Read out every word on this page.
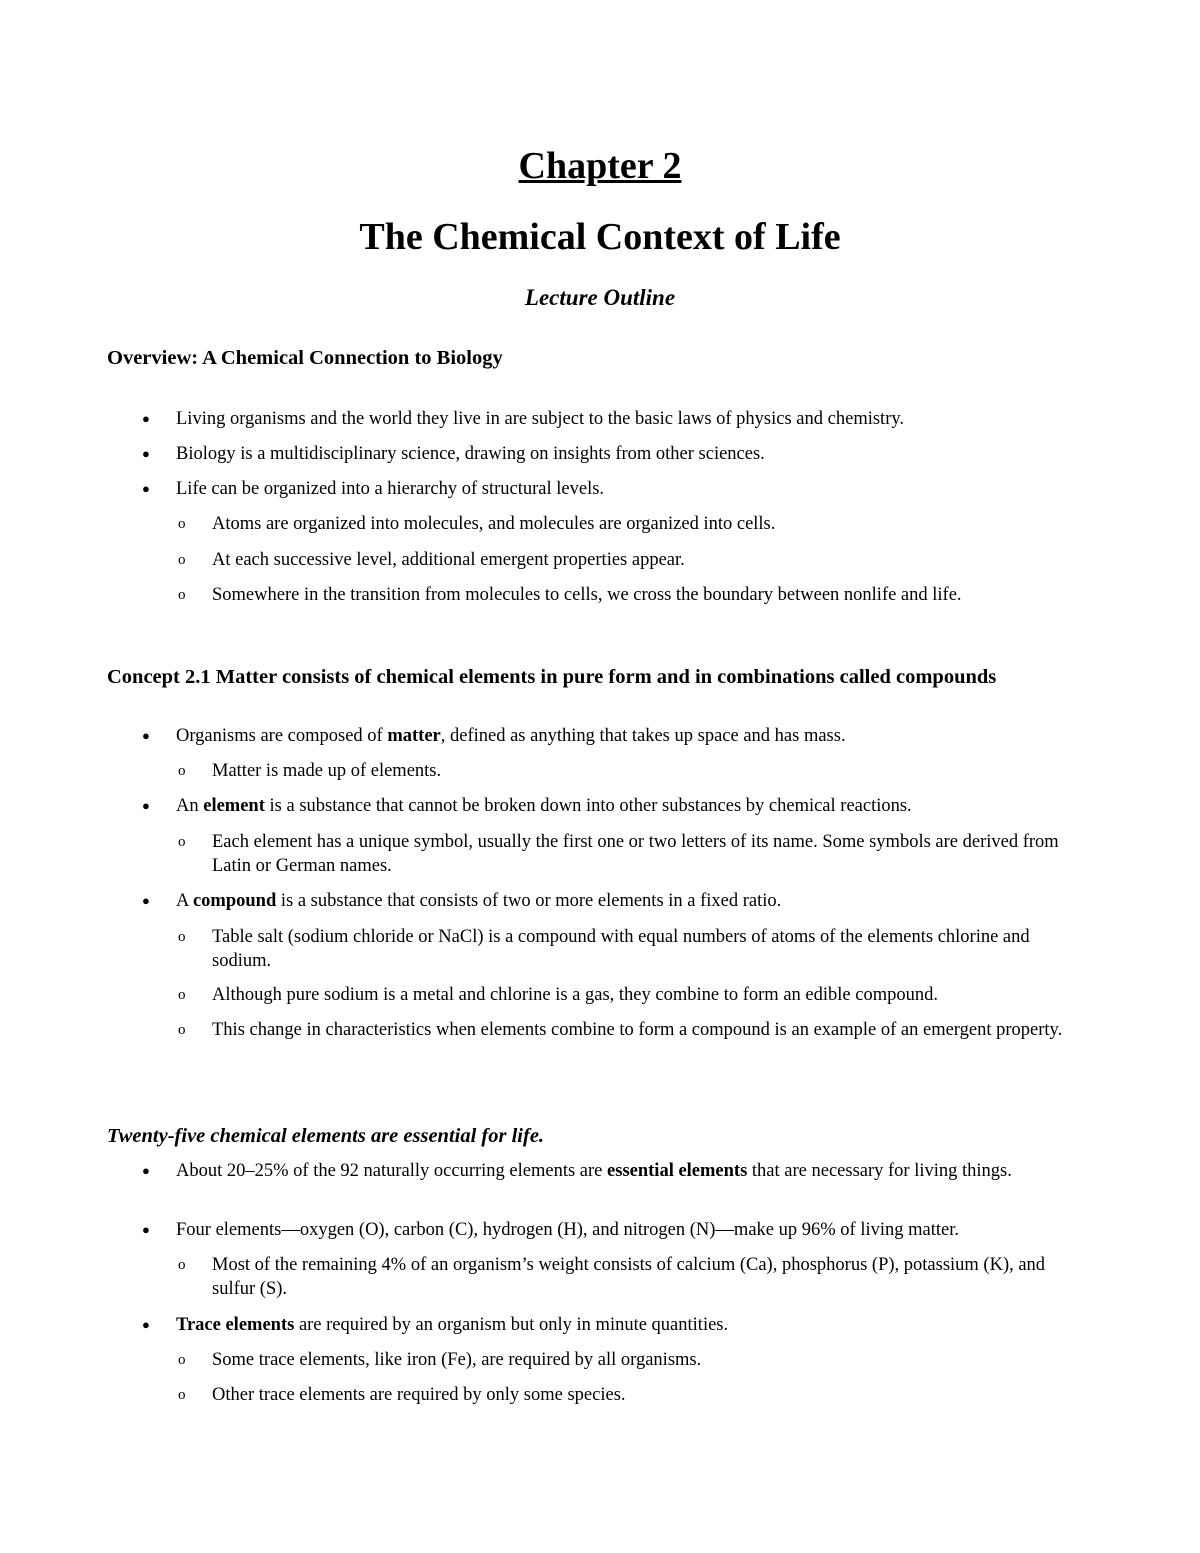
Chapter 2
The Chemical Context of Life
Lecture Outline
Overview: A Chemical Connection to Biology
● Living organisms and the world they live in are subject to the basic laws of physics and chemistry.
● Biology is a multidisciplinary science, drawing on insights from other sciences.
● Life can be organized into a hierarchy of structural levels.
o Atoms are organized into molecules, and molecules are organized into cells.
o At each successive level, additional emergent properties appear.
o Somewhere in the transition from molecules to cells, we cross the boundary between nonlife and life.
Concept 2.1 Matter consists of chemical elements in pure form and in combinations called compounds
● Organisms are composed of matter, defined as anything that takes up space and has mass.
o Matter is made up of elements.
● An element is a substance that cannot be broken down into other substances by chemical reactions.
o Each element has a unique symbol, usually the first one or two letters of its name. Some symbols are derived from Latin or German names.
● A compound is a substance that consists of two or more elements in a fixed ratio.
o Table salt (sodium chloride or NaCl) is a compound with equal numbers of atoms of the elements chlorine and sodium.
o Although pure sodium is a metal and chlorine is a gas, they combine to form an edible compound.
o This change in characteristics when elements combine to form a compound is an example of an emergent property.
Twenty-five chemical elements are essential for life.
● About 20–25% of the 92 naturally occurring elements are essential elements that are necessary for living things.
● Four elements—oxygen (O), carbon (C), hydrogen (H), and nitrogen (N)—make up 96% of living matter.
o Most of the remaining 4% of an organism’s weight consists of calcium (Ca), phosphorus (P), potassium (K), and sulfur (S).
● Trace elements are required by an organism but only in minute quantities.
o Some trace elements, like iron (Fe), are required by all organisms.
o Other trace elements are required by only some species.
